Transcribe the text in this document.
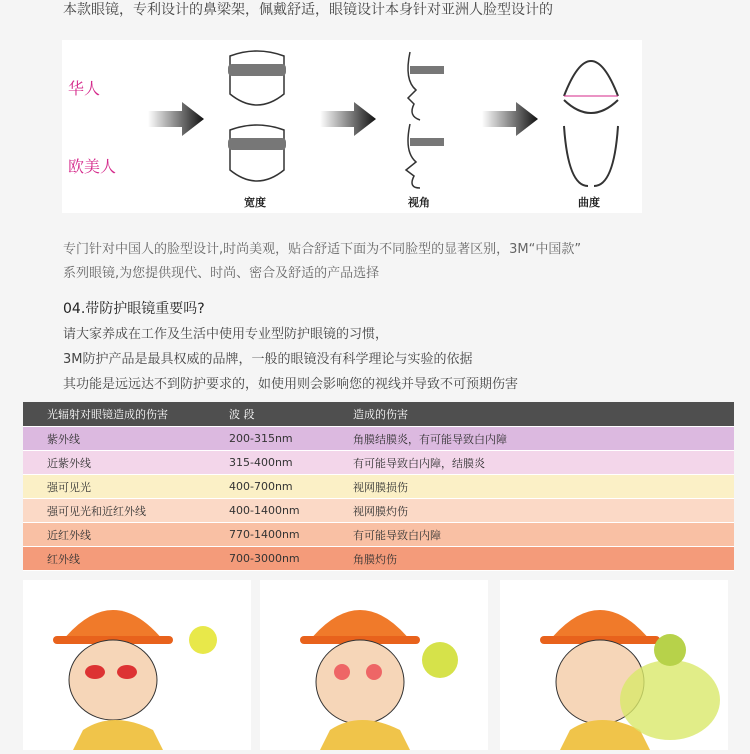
本款眼镜，专利设计的鼻梁架，佩戴舒适，眼镜设计本身针对亚洲人脸型设计的
华人
欧美人
宽度	视角	曲度
专门针对中国人的脸型设计,时尚美观，贴合舒适下面为不同脸型的显著区别，3M“中国款”
系列眼镜,为您提供现代、时尚、密合及舒适的产品选择
04.带防护眼镜重要吗?
请大家养成在工作及生活中使用专业型防护眼镜的习惯，
3M防护产品是最具权威的品牌，一般的眼镜没有科学理论与实验的依据
其功能是远远达不到防护要求的，如使用则会影响您的视线并导致不可预期伤害
光辐射对眼镜造成的伤害	波 段	造成的伤害
紫外线	200-315nm	角膜结膜炎，有可能导致白内障
近紫外线	315-400nm	有可能导致白内障，结膜炎
强可见光	400-700nm	视网膜损伤
强可见光和近红外线	400-1400nm	视网膜灼伤
近红外线	770-1400nm	有可能导致白内障
红外线	700-3000nm	角膜灼伤
